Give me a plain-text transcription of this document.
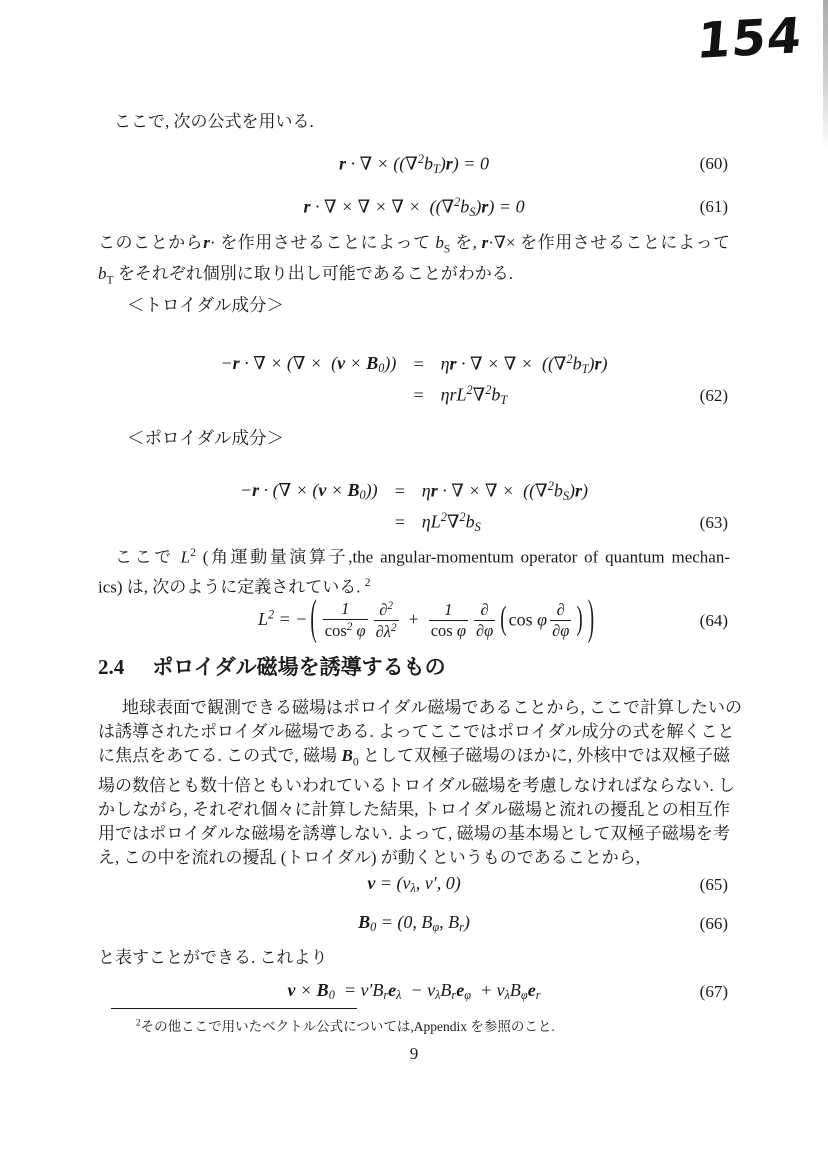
154
ここで, 次の公式を用いる.
r · ∇ × $((\nabla^2b_T)r) = 0$	(60)
r · ∇ × ∇ × ∇ ×  $((\nabla^2b_S)r) = 0$	(61)
このことからr· を作用させることによって $b_S$ を, r·∇× を作用させることによって
$b_T$ をそれぞれ個別に取り出し可能であることがわかる.
＜トロイダル成分＞
−r · ∇ × (∇ ×  $(v \times B_0)$)	=	ηr · ∇ × ∇ ×  $((\nabla^2b_T)r)$
	=	$\eta rL^2\nabla^2b_T$	(62)
＜ポロイダル成分＞
−r · (∇ × $(v \times B_0)$)	=	ηr · ∇ × ∇ ×  $((\nabla^2b_S)r)$
	=	$\eta L^2\nabla^2b_S$	(63)
ここで $L^2$ (角運動量演算子,the angular-momentum operator of quantum mechan-
ics) は, 次のように定義されている. $^2$

$L^2$ = − ( $\frac{1}{\cos^2 \varphi} \frac{\partial^2}{\partial\lambda^2} + \frac{1}{\text{cos φ}} \frac{\partial}{\partial\varphi}$ ( cos φ $\frac{\partial}{\partial\varphi}$ ) )
	(64)
2.4 ポロイダル磁場を誘導するもの
地球表面で観測できる磁場はポロイダル磁場であることから, ここで計算したいの
は誘導されたポロイダル磁場である. よってここではポロイダル成分の式を解くこと
に焦点をあてる. この式で, 磁場 $B_0$ として双極子磁場のほかに, 外核中では双極子磁
場の数倍とも数十倍ともいわれているトロイダル磁場を考慮しなければならない. し
かしながら, それぞれ個々に計算した結果, トロイダル磁場と流れの擾乱との相互作
用ではポロイダルな磁場を誘導しない. よって, 磁場の基本場として双極子磁場を考
え, この中を流れの擾乱 (トロイダル) が動くというものであることから,
$v = (v_\lambda$, v′, 0)	(65)
$B_0 = (0$, $B_\varphi$, $B_r$)	(66)
と表すことができる. これより
$v \times B_0 = v'B_re_\lambda - v_\lambda B_re_\varphi + v_\lambda B_\varphi e_r$	(67)
$^2$その他ここで用いたベクトル公式については,Appendix を参照のこと.
9
